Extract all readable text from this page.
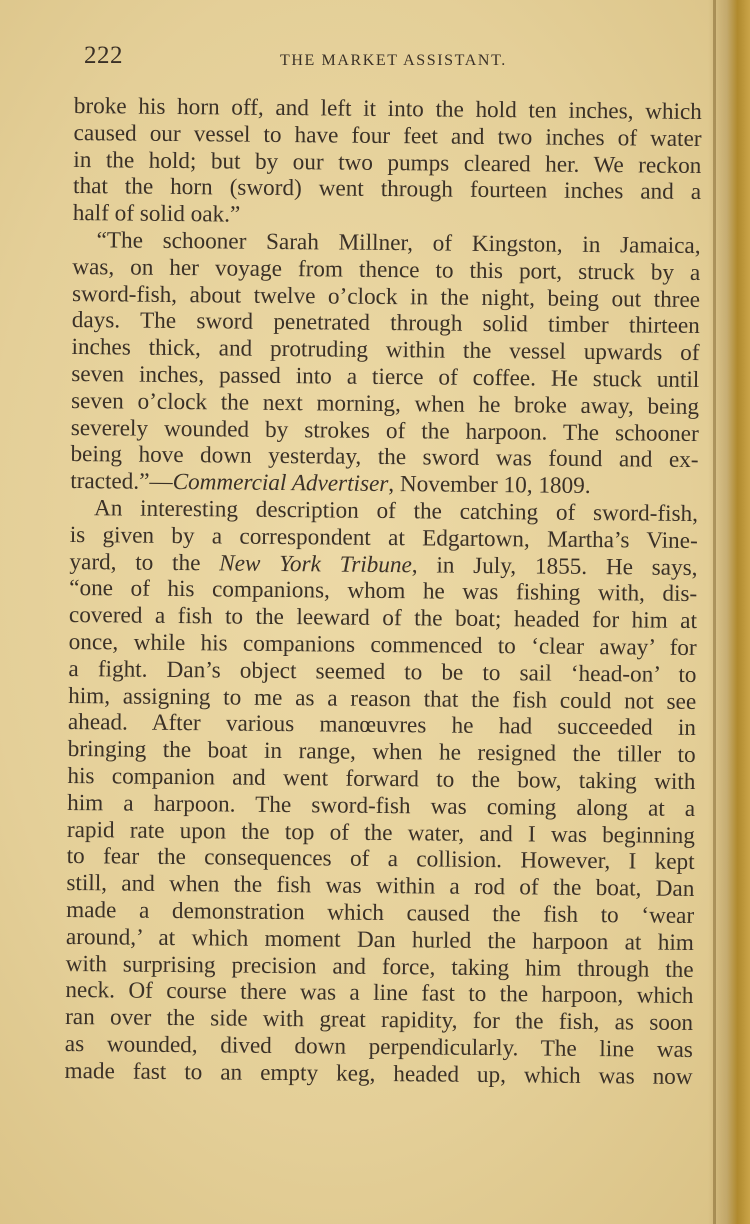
222	THE MARKET ASSISTANT.
broke his horn off, and left it into the hold ten inches, which
caused our vessel to have four feet and two inches of water
in the hold; but by our two pumps cleared her. We reckon
that the horn (sword) went through fourteen inches and a
half of solid oak.”
“The schooner Sarah Millner, of Kingston, in Jamaica,
was, on her voyage from thence to this port, struck by a
sword-fish, about twelve o’clock in the night, being out three
days. The sword penetrated through solid timber thirteen
inches thick, and protruding within the vessel upwards of
seven inches, passed into a tierce of coffee. He stuck until
seven o’clock the next morning, when he broke away, being
severely wounded by strokes of the harpoon. The schooner
being hove down yesterday, the sword was found and ex-
tracted.”—Commercial Advertiser, November 10, 1809.
An interesting description of the catching of sword-fish,
is given by a correspondent at Edgartown, Martha’s Vine-
yard, to the New York Tribune, in July, 1855. He says,
“one of his companions, whom he was fishing with, dis-
covered a fish to the leeward of the boat; headed for him at
once, while his companions commenced to ‘clear away’ for
a fight. Dan’s object seemed to be to sail ‘head-on’ to
him, assigning to me as a reason that the fish could not see
ahead. After various manœuvres he had succeeded in
bringing the boat in range, when he resigned the tiller to
his companion and went forward to the bow, taking with
him a harpoon. The sword-fish was coming along at a
rapid rate upon the top of the water, and I was beginning
to fear the consequences of a collision. However, I kept
still, and when the fish was within a rod of the boat, Dan
made a demonstration which caused the fish to ‘wear
around,’ at which moment Dan hurled the harpoon at him
with surprising precision and force, taking him through the
neck. Of course there was a line fast to the harpoon, which
ran over the side with great rapidity, for the fish, as soon
as wounded, dived down perpendicularly. The line was
made fast to an empty keg, headed up, which was now
